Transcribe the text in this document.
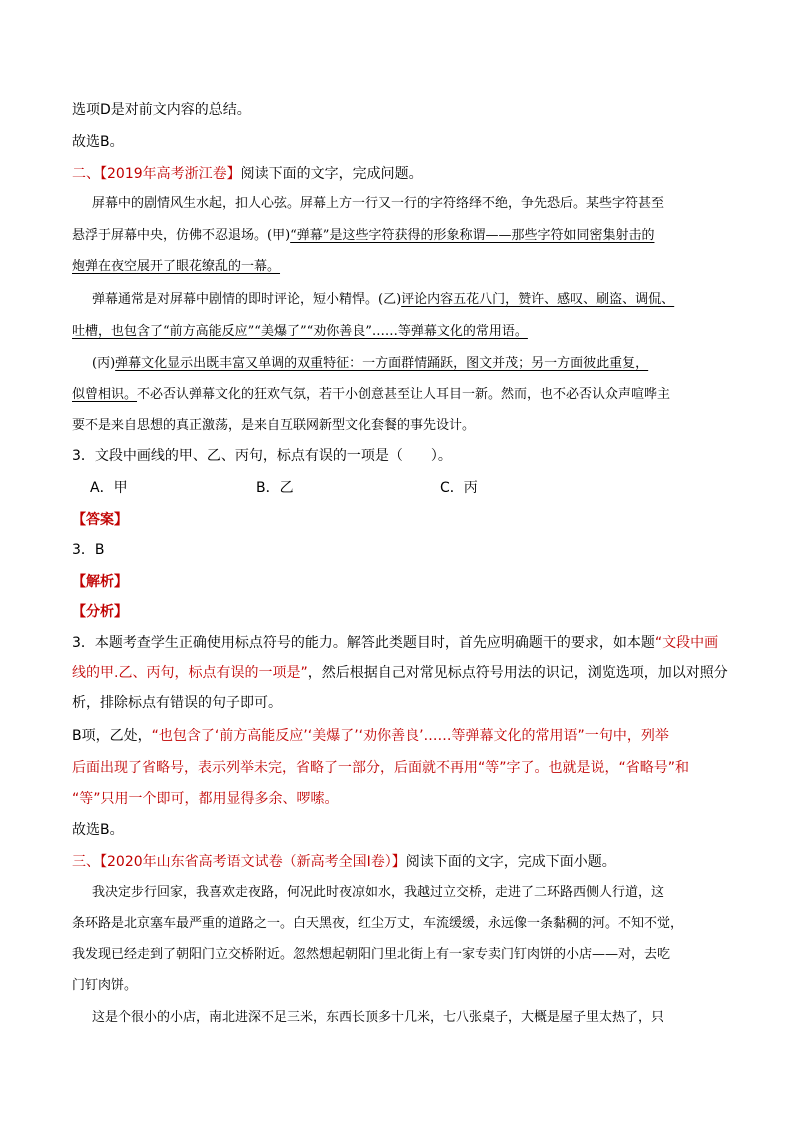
选项D是对前文内容的总结。
故选B。
二、【2019年高考浙江卷】阅读下面的文字，完成问题。
屏幕中的剧情风生水起，扣人心弦。屏幕上方一行又一行的字符络绎不绝，争先恐后。某些字符甚至
悬浮于屏幕中央，仿佛不忍退场。(甲)“弹幕”是这些字符获得的形象称谓——那些字符如同密集射击的
炮弹在夜空展开了眼花缭乱的一幕。
弹幕通常是对屏幕中剧情的即时评论，短小精悍。(乙)评论内容五花八门，赞许、感叹、刷盗、调侃、
吐槽，也包含了“前方高能反应”“美爆了”“劝你善良”……等弹幕文化的常用语。
(丙)弹幕文化显示出既丰富又单调的双重特征：一方面群情踊跃，图文并茂；另一方面彼此重复，
似曾相识。不必否认弹幕文化的狂欢气氛，若干小创意甚至让人耳目一新。然而，也不必否认众声喧哗主
要不是来自思想的真正激荡，是来自互联网新型文化套餐的事先设计。
3．文段中画线的甲、乙、丙句，标点有误的一项是（　　）。
A．甲	B．乙	C．丙
【答案】
3．B
【解析】
【分析】
3．本题考查学生正确使用标点符号的能力。解答此类题目时，首先应明确题干的要求，如本题“文段中画
线的甲.乙、丙句，标点有误的一项是”，然后根据自己对常见标点符号用法的识记，浏览选项，加以对照分
析，排除标点有错误的句子即可。
B项，乙处，“也包含了‘前方高能反应’‘美爆了’‘劝你善良’……等弹幕文化的常用语”一句中，列举
后面出现了省略号，表示列举未完，省略了一部分，后面就不再用“等”字了。也就是说，“省略号”和
“等”只用一个即可，都用显得多余、啰嗦。
故选B。
三、【2020年山东省高考语文试卷（新高考全国Ⅰ卷）】阅读下面的文字，完成下面小题。
我决定步行回家，我喜欢走夜路，何况此时夜凉如水，我越过立交桥，走进了二环路西侧人行道，这
条环路是北京塞车最严重的道路之一。白天黑夜，红尘万丈，车流缓缓，永远像一条黏稠的河。不知不觉，
我发现已经走到了朝阳门立交桥附近。忽然想起朝阳门里北街上有一家专卖门钉肉饼的小店——对，去吃
门钉肉饼。
这是个很小的小店，南北进深不足三米，东西长顶多十几米，七八张桌子，大概是屋子里太热了，只
